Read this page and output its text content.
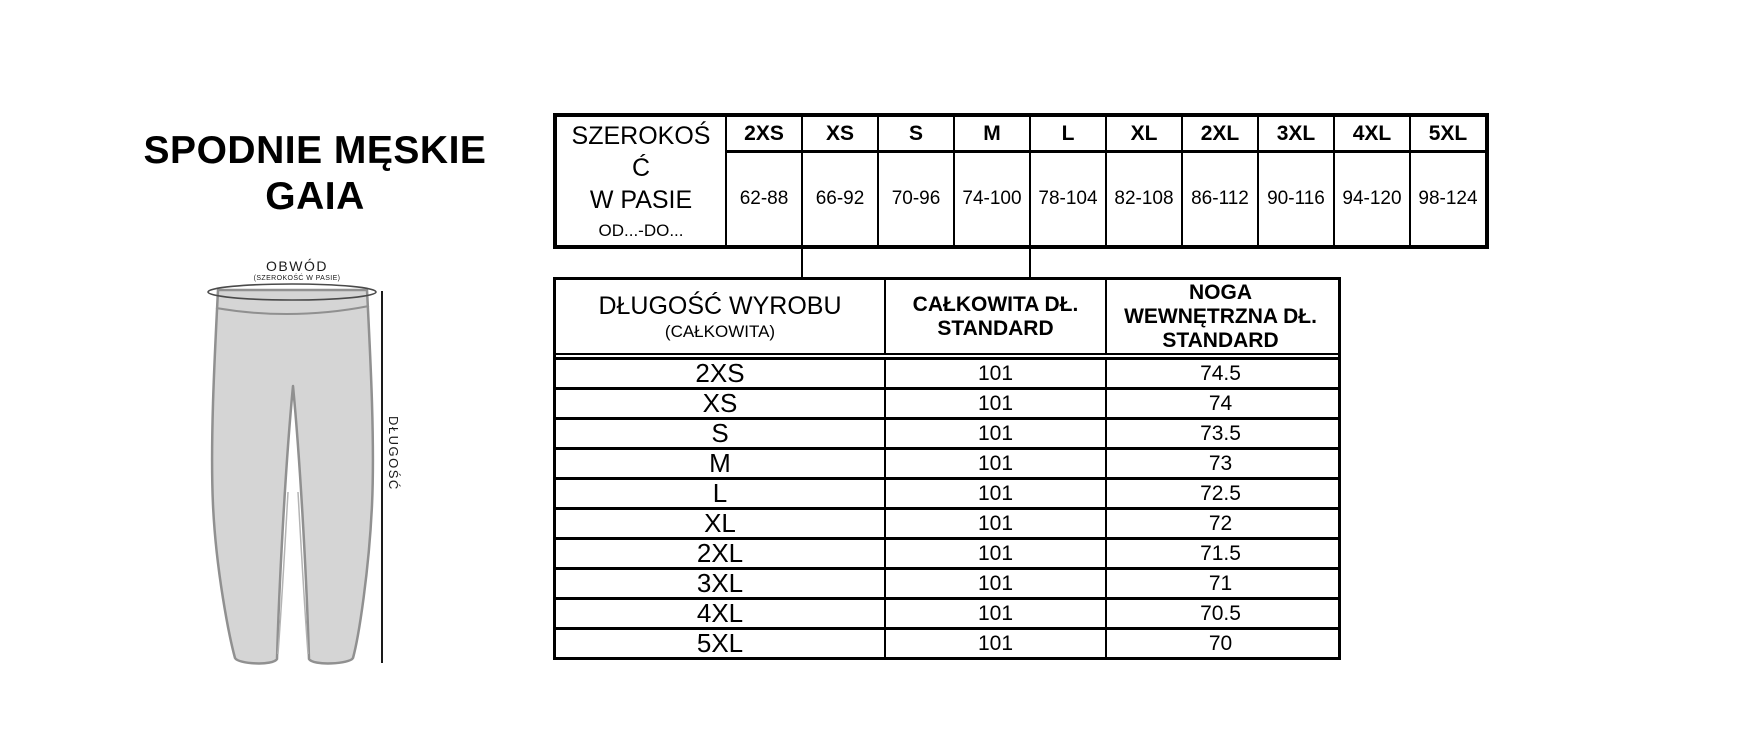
SPODNIE MĘSKIE
GAIA
OBWÓD
(SZEROKOŚĆ W PASIE)
DŁUGOŚĆ
SZEROKOŚ
Ć
W PASIE
OD...-DO...
2XS	XS	S	M	L	XL	2XL	3XL	4XL	5XL
62-88	66-92	70-96	74-100 78-104 82-108 86-112 90-116 94-120 98-124
DŁUGOŚĆ WYROBU
(CAŁKOWITA)
CAŁKOWITA DŁ.
STANDARD
NOGA
WEWNĘTRZNA DŁ.
STANDARD
2XS	101	74.5
XS	101	74
S	101	73.5
M	101	73
L	101	72.5
XL	101	72
2XL	101	71.5
3XL	101	71
4XL	101	70.5
5XL	101	70
